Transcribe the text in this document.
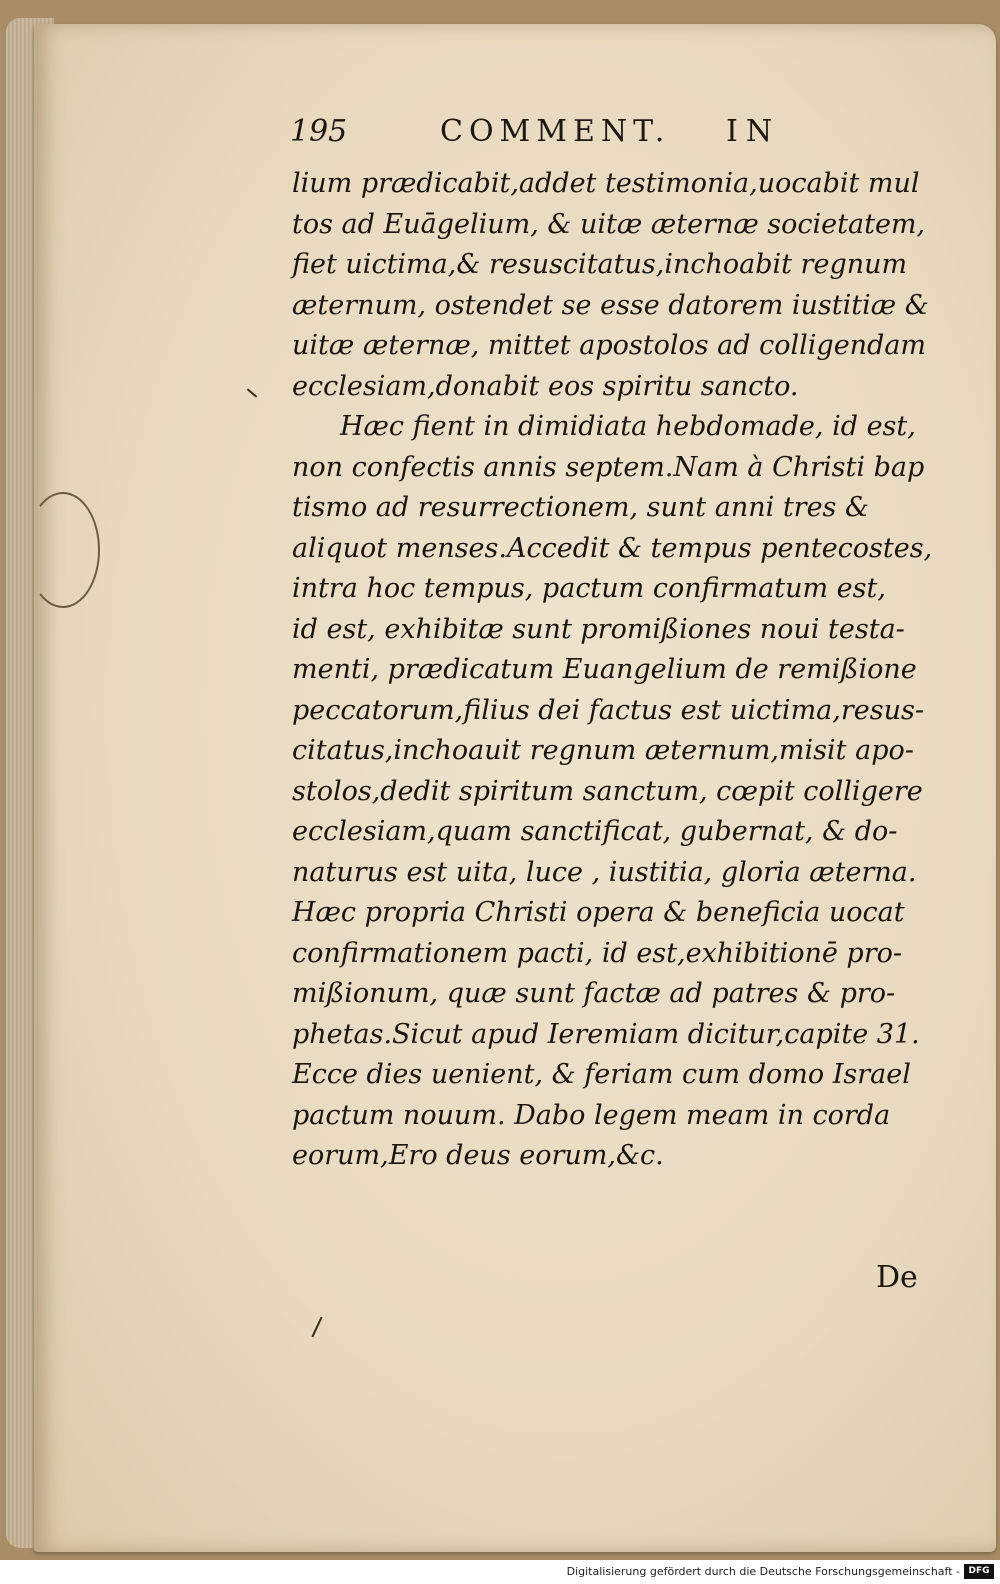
195	COMMENT. IN
lium prædicabit,addet testimonia,uocabit mul
tos ad Euāgelium, & uitæ æternæ societatem,
fiet uictima,& resuscitatus,inchoabit regnum
æternum, ostendet se esse datorem iustitiæ &
uitæ æternæ, mittet apostolos ad colligendam
ecclesiam,donabit eos spiritu sancto.
Hæc fient in dimidiata hebdomade, id est,
non confectis annis septem.Nam à Christi bap
tismo ad resurrectionem, sunt anni tres &
aliquot menses.Accedit & tempus pentecostes,
intra hoc tempus, pactum confirmatum est,
id est, exhibitæ sunt promißiones noui testa-
menti, prædicatum Euangelium de remißione
peccatorum,filius dei factus est uictima,resus-
citatus,inchoauit regnum æternum,misit apo-
stolos,dedit spiritum sanctum, cœpit colligere
ecclesiam,quam sanctificat, gubernat, & do-
naturus est uita, luce , iustitia, gloria æterna.
Hæc propria Christi opera & beneficia uocat
confirmationem pacti, id est,exhibitionē pro-
mißionum, quæ sunt factæ ad patres & pro-
phetas.Sicut apud Ieremiam dicitur,capite 31.
Ecce dies uenient, & feriam cum domo Israel
pactum nouum. Dabo legem meam in corda
eorum,Ero deus eorum,&c.
De
Digitalisierung gefördert durch die Deutsche Forschungsgemeinschaft - DFG
